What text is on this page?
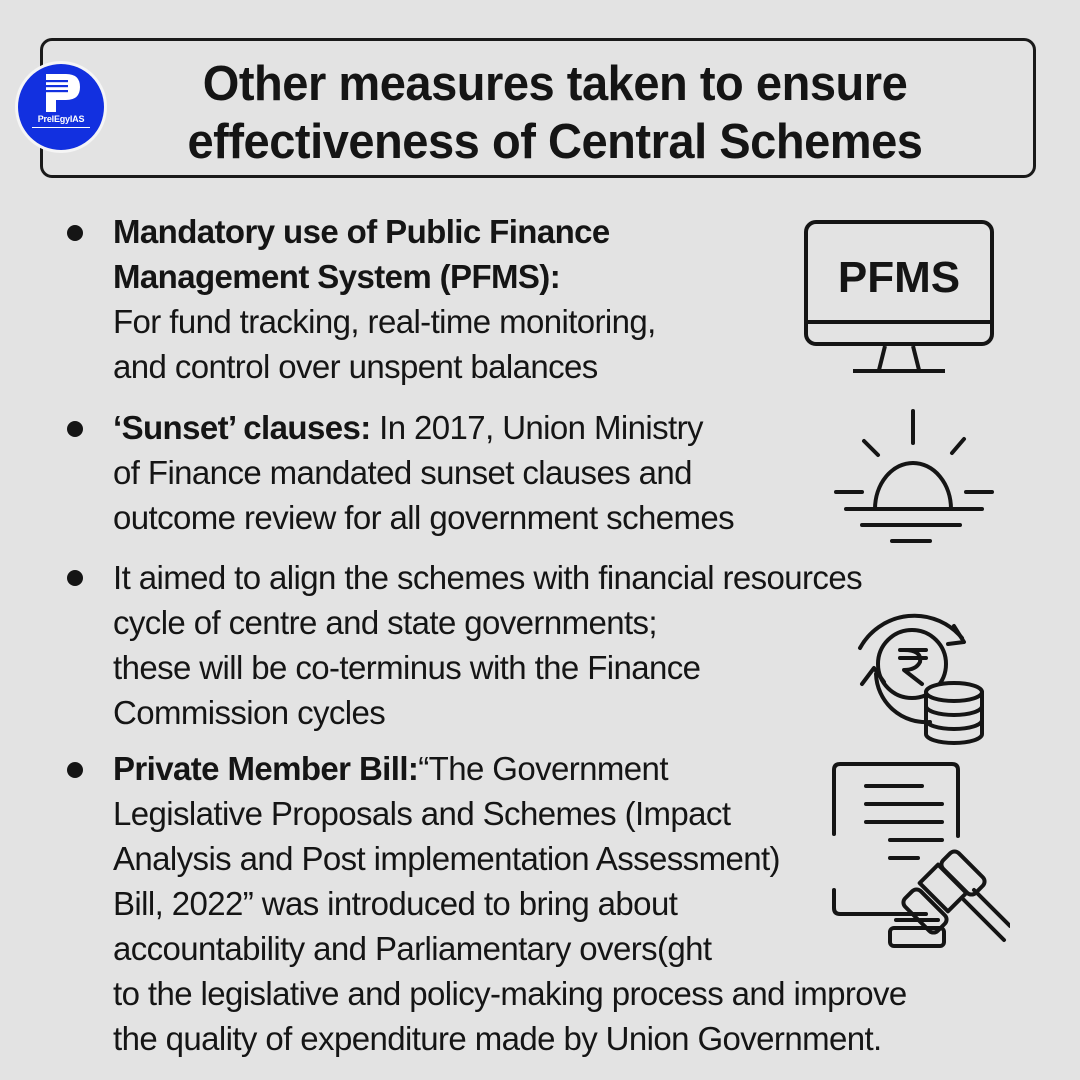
Other measures taken to ensure
effectiveness of Central Schemes
PrelEgyIAS
Mandatory use of Public Finance
Management System (PFMS):
For fund tracking, real-time monitoring,
and control over unspent balances
PFMS
‘Sunset’ clauses: In 2017, Union Ministry
of Finance mandated sunset clauses and
outcome review for all government schemes
It aimed to align the schemes with financial resources
cycle of centre and state governments;
these will be co-terminus with the Finance
Commission cycles
Private Member Bill:“The Government
Legislative Proposals and Schemes (Impact
Analysis and Post implementation Assessment)
Bill, 2022” was introduced to bring about
accountability and Parliamentary overs(ght
to the legislative and policy-making process and improve
the quality of expenditure made by Union Government.
